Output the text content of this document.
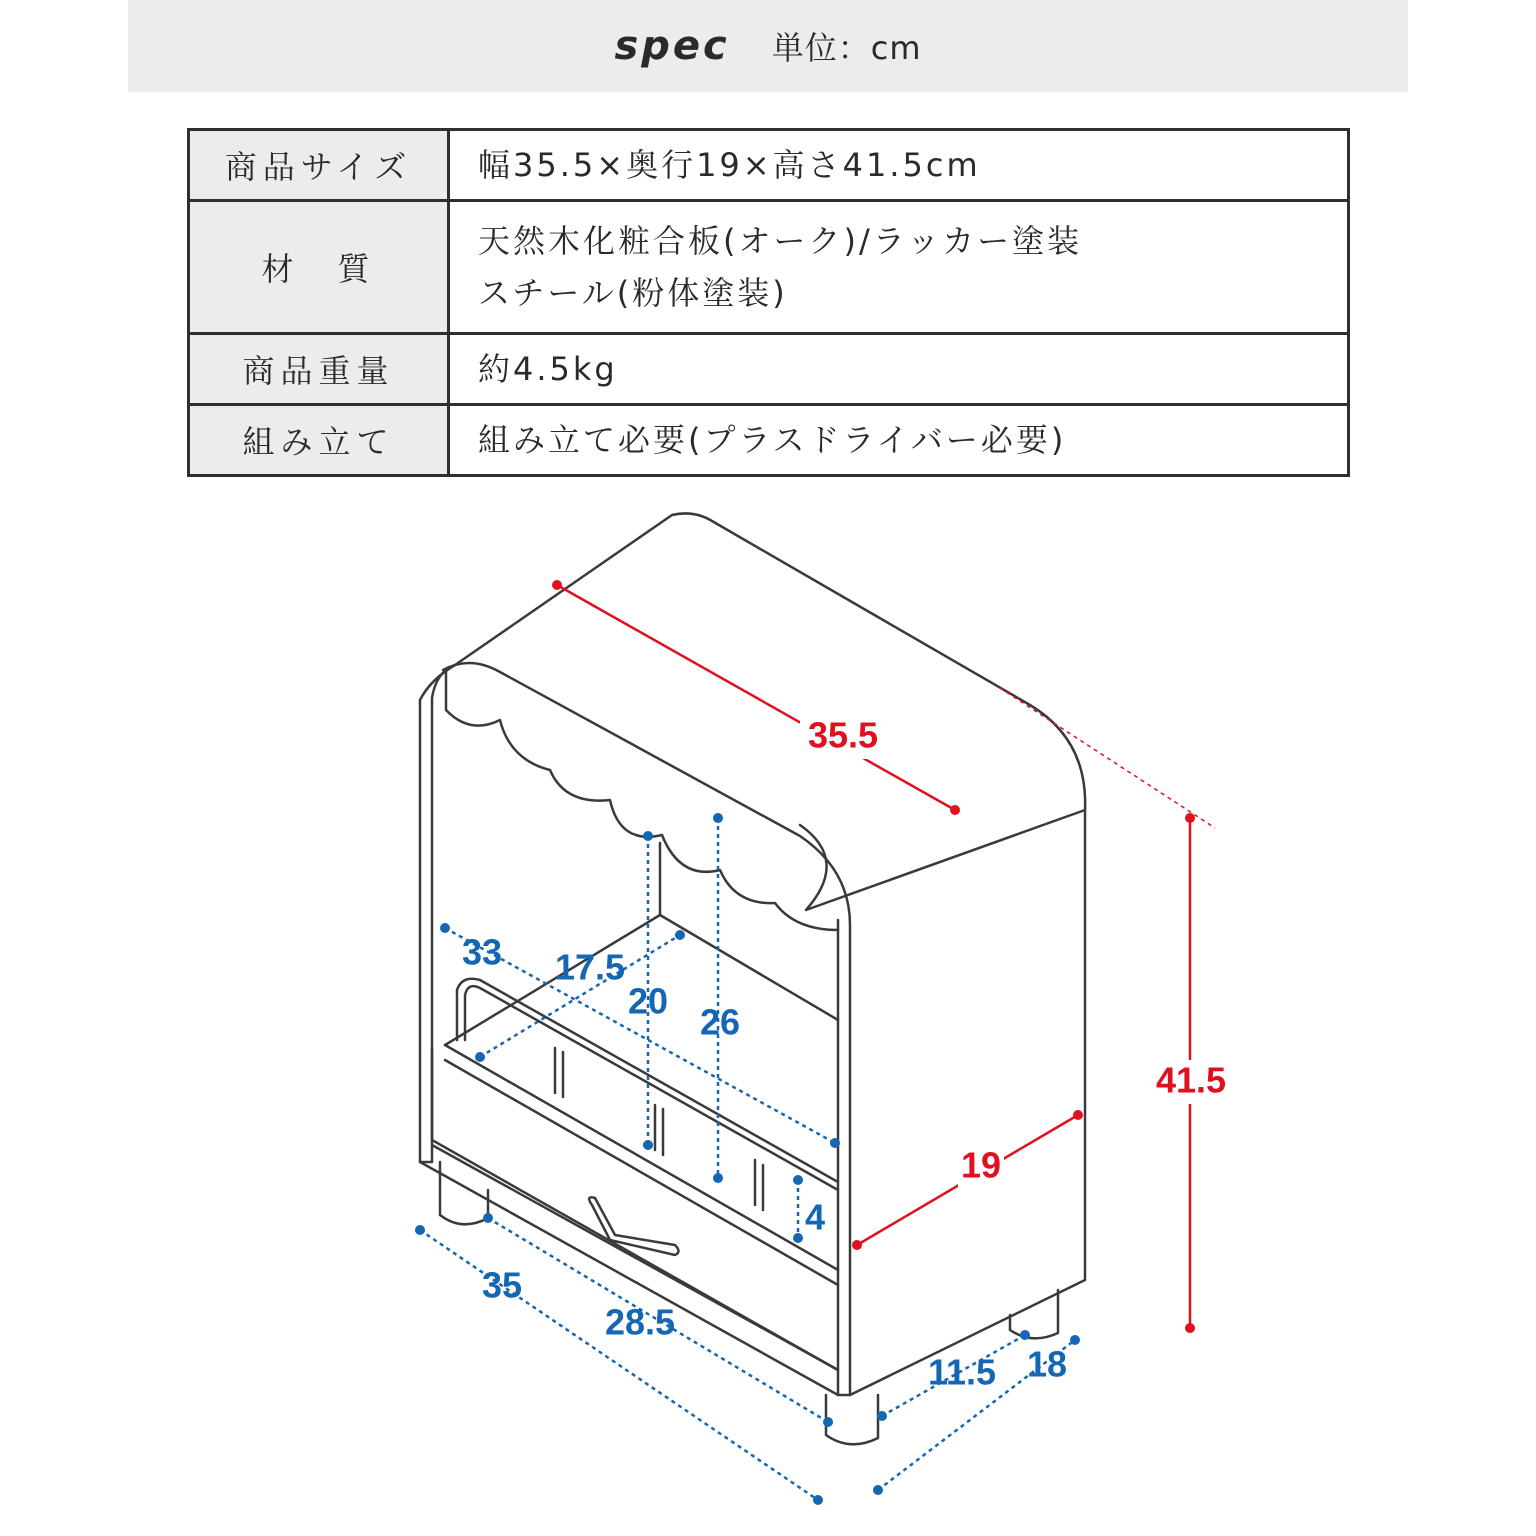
spec 単位：cm
商品サイズ	幅35.5×奥行19×高さ41.5cm

材　質	天然木化粧合板(オーク)/ラッカー塗装
スチール(粉体塗装)

商品重量	約4.5kg

組み立て	組み立て必要(プラスドライバー必要)
35.5
41.5
19
33 17.5
20
26
4
35
28.5
11.5 18
